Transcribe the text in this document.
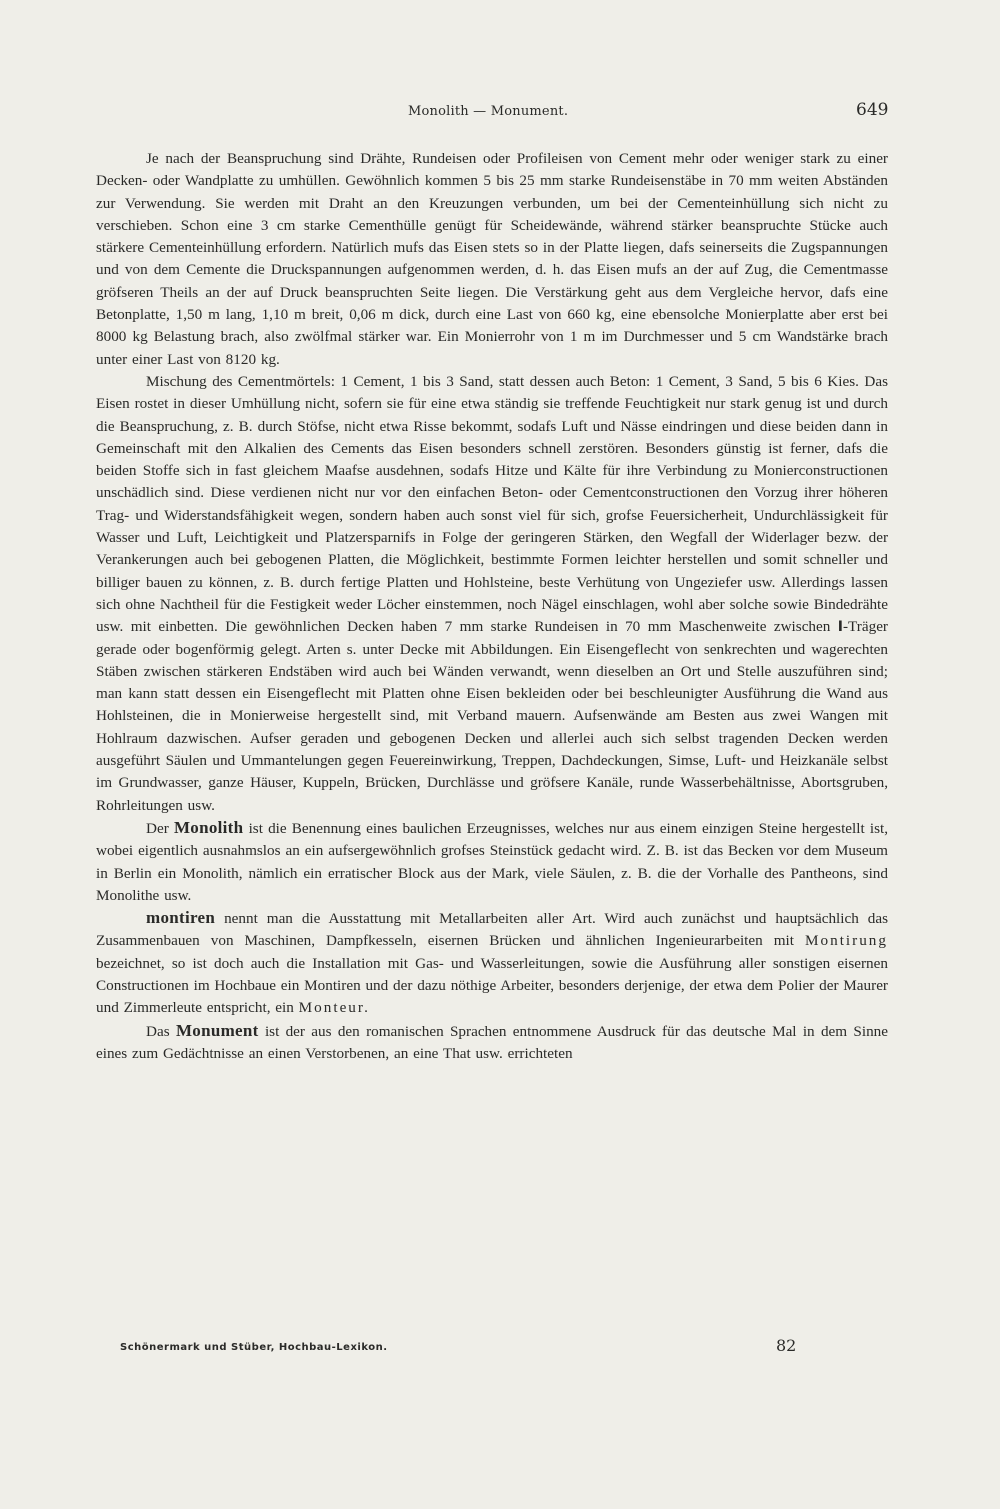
Monolith — Monument.	649

Je nach der Beanspruchung sind Drähte, Rundeisen oder Profileisen von Cement mehr oder weniger stark zu einer Decken- oder Wandplatte zu umhüllen. Gewöhnlich kommen 5 bis 25 mm starke Rundeisenstäbe in 70 mm weiten Abständen zur Verwendung. Sie werden mit Draht an den Kreuzungen verbunden, um bei der Cementeinhüllung sich nicht zu verschieben. Schon eine 3 cm starke Cementhülle genügt für Scheidewände, während stärker beanspruchte Stücke auch stärkere Cementeinhüllung erfordern. Natürlich mufs das Eisen stets so in der Platte liegen, dafs seinerseits die Zugspannungen und von dem Cemente die Druckspannungen aufgenommen werden, d. h. das Eisen mufs an der auf Zug, die Cementmasse gröfseren Theils an der auf Druck beanspruchten Seite liegen. Die Verstärkung geht aus dem Vergleiche hervor, dafs eine Betonplatte, 1,50 m lang, 1,10 m breit, 0,06 m dick, durch eine Last von 660 kg, eine ebensolche Monierplatte aber erst bei 8000 kg Belastung brach, also zwölfmal stärker war. Ein Monierrohr von 1 m im Durchmesser und 5 cm Wandstärke brach unter einer Last von 8120 kg.

Mischung des Cementmörtels: 1 Cement, 1 bis 3 Sand, statt dessen auch Beton: 1 Cement, 3 Sand, 5 bis 6 Kies. Das Eisen rostet in dieser Umhüllung nicht, sofern sie für eine etwa ständig sie treffende Feuchtigkeit nur stark genug ist und durch die Beanspruchung, z. B. durch Stöfse, nicht etwa Risse bekommt, sodafs Luft und Nässe eindringen und diese beiden dann in Gemeinschaft mit den Alkalien des Cements das Eisen besonders schnell zerstören. Besonders günstig ist ferner, dafs die beiden Stoffe sich in fast gleichem Maafse ausdehnen, sodafs Hitze und Kälte für ihre Verbindung zu Monierconstructionen unschädlich sind. Diese verdienen nicht nur vor den einfachen Beton- oder Cementconstructionen den Vorzug ihrer höheren Trag- und Widerstandsfähigkeit wegen, sondern haben auch sonst viel für sich, grofse Feuersicherheit, Undurchlässigkeit für Wasser und Luft, Leichtigkeit und Platzersparnifs in Folge der geringeren Stärken, den Wegfall der Widerlager bezw. der Verankerungen auch bei gebogenen Platten, die Möglichkeit, bestimmte Formen leichter herstellen und somit schneller und billiger bauen zu können, z. B. durch fertige Platten und Hohlsteine, beste Verhütung von Ungeziefer usw. Allerdings lassen sich ohne Nachtheil für die Festigkeit weder Löcher einstemmen, noch Nägel einschlagen, wohl aber solche sowie Bindedrähte usw. mit einbetten. Die gewöhnlichen Decken haben 7 mm starke Rundeisen in 70 mm Maschenweite zwischen I-Träger gerade oder bogenförmig gelegt. Arten s. unter Decke mit Abbildungen. Ein Eisengeflecht von senkrechten und wagerechten Stäben zwischen stärkeren Endstäben wird auch bei Wänden verwandt, wenn dieselben an Ort und Stelle auszuführen sind; man kann statt dessen ein Eisengeflecht mit Platten ohne Eisen bekleiden oder bei beschleunigter Ausführung die Wand aus Hohlsteinen, die in Monierweise hergestellt sind, mit Verband mauern. Aufsenwände am Besten aus zwei Wangen mit Hohlraum dazwischen. Aufser geraden und gebogenen Decken und allerlei auch sich selbst tragenden Decken werden ausgeführt Säulen und Ummantelungen gegen Feuereinwirkung, Treppen, Dachdeckungen, Simse, Luft- und Heizkanäle selbst im Grundwasser, ganze Häuser, Kuppeln, Brücken, Durchlässe und gröfsere Kanäle, runde Wasserbehältnisse, Abortsgruben, Rohrleitungen usw.

Der Monolith ist die Benennung eines baulichen Erzeugnisses, welches nur aus einem einzigen Steine hergestellt ist, wobei eigentlich ausnahmslos an ein aufsergewöhnlich grofses Steinstück gedacht wird. Z. B. ist das Becken vor dem Museum in Berlin ein Monolith, nämlich ein erratischer Block aus der Mark, viele Säulen, z. B. die der Vorhalle des Pantheons, sind Monolithe usw.

montiren nennt man die Ausstattung mit Metallarbeiten aller Art. Wird auch zunächst und hauptsächlich das Zusammenbauen von Maschinen, Dampfkesseln, eisernen Brücken und ähnlichen Ingenieurarbeiten mit Montirung bezeichnet, so ist doch auch die Installation mit Gas- und Wasserleitungen, sowie die Ausführung aller sonstigen eisernen Constructionen im Hochbaue ein Montiren und der dazu nöthige Arbeiter, besonders derjenige, der etwa dem Polier der Maurer und Zimmerleute entspricht, ein Monteur.

Das Monument ist der aus den romanischen Sprachen entnommene Ausdruck für das deutsche Mal in dem Sinne eines zum Gedächtnisse an einen Verstorbenen, an eine That usw. errichteten

Schönermark und Stüber, Hochbau-Lexikon.	82
